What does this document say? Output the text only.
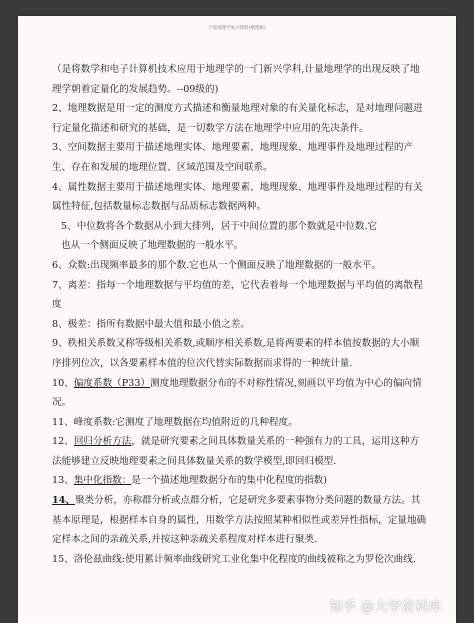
计量地理学复习资料(整理版)

（是将数学和电子计算机技术应用于地理学的一门新兴学科,计量地理学的出现反映了地理学朝着定量化的发展趋势。--09级的)

2、地理数据是用一定的测度方式描述和衡量地理对象的有关量化标志，是对地理问题进行定量化描述和研究的基础，是一切数学方法在地理学中应用的先决条件。

3、空间数据主要用于描述地理实体、地理要素、地理现象、地理事件及地理过程的产生、存在和发展的地理位置、区域范围及空间联系。

4、属性数据主要用于描述地理实体、地理要素、地理现象、地理事件及地理过程的有关属性特征,包括数量标志数据与品质标志数据两种。

5、中位数将各个数据从小到大排列，居于中间位置的那个数就是中位数.它

也从一个侧面反映了地理数据的一般水平。

6、众数:出现频率最多的那个数.它也从一个侧面反映了地理数据的一般水平。

7、离差：指每一个地理数据与平均值的差，它代表着每一个地理数据与平均值的离散程度

8、极差：指所有数据中最大值和最小值之差。

9、秩相关系数又称等级相关系数,或顺序相关系数,是将两要素的样本值按数据的大小顺序排列位次，以各要素样本值的位次代替实际数据而求得的一种统计量.

10、偏度系数（P33）测度地理数据分布的不对称性情况,刻画以平均值为中心的偏向情况。

11、峰度系数:它测度了地理数据在均值附近的几种程度。

12、回归分析方法，就是研究要素之间具体数量关系的一种强有力的工具，运用这种方法能够建立反映地理要素之间具体数量关系的数学模型,即回归模型.

13、集中化指数：是一个描述地理数据分布的集中化程度的指数)

14、聚类分析，亦称群分析或点群分析，它是研究多要素事物分类问题的数量方法。其基本原理是，根据样本自身的属性，用数学方法按照某种相似性或差异性指标，定量地确定样本之间的亲疏关系,并按这种亲疏关系程度对样本进行聚类.

15、洛伦兹曲线:使用累计频率曲线研究工业化集中化程度的曲线被称之为罗伦次曲线.

知乎 @大学资料库
